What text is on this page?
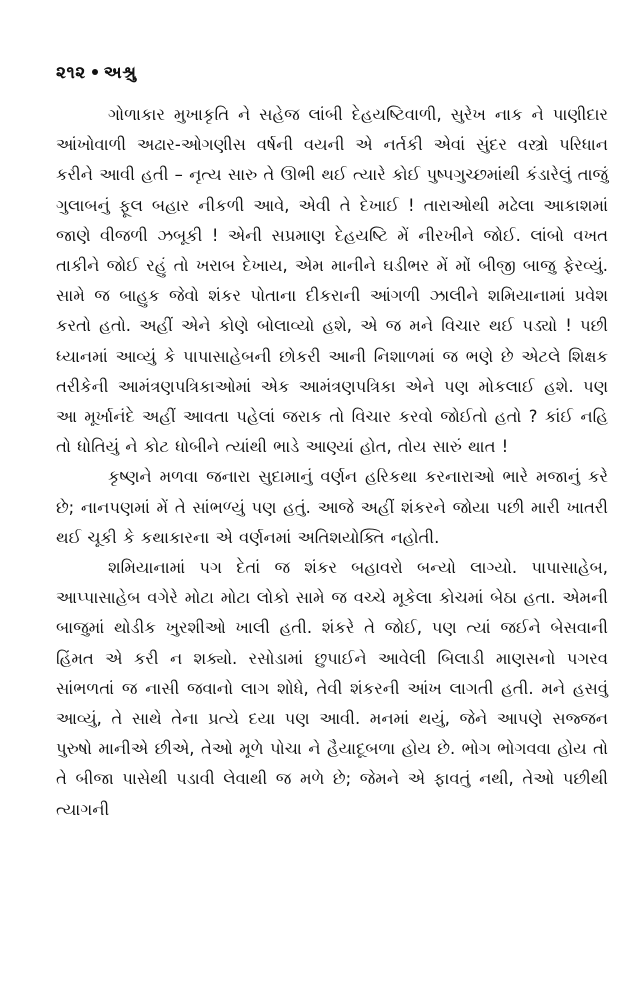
૨૧૨ અશ્રુ

ગોળાકાર મુખાકૃતિ ને સહેજ લાંબી દેહયષ્ટિવાળી, સુરેખ નાક ને પાણીદાર આંખોવાળી અઢાર-ઓગણીસ વર્ષની વયની એ નર્તકી એવાં સુંદર વસ્ત્રો પરિધાન કરીને આવી હતી – નૃત્ય સારુ તે ઊભી થઈ ત્યારે કોઈ પુષ્પગુચ્છમાંથી કંડારેલું તાજું ગુલાબનું ફૂલ બહાર નીકળી આવે, એવી તે દેખાઈ ! તારાઓથી મઢેલા આકાશમાં જાણે વીજળી ઝબૂકી ! એની સપ્રમાણ દેહયષ્ટિ મેં નીરખીને જોઈ. લાંબો વખત તાકીને જોઈ રહું તો ખરાબ દેખાય, એમ માનીને ઘડીભર મેં મોં બીજી બાજુ ફેરવ્યું. સામે જ બાહુક જેવો શંકર પોતાના દીકરાની આંગળી ઝાલીને શમિયાનામાં પ્રવેશ કરતો હતો. અહીં એને કોણે બોલાવ્યો હશે, એ જ મને વિચાર થઈ પડ્યો ! પછી ધ્યાનમાં આવ્યું કે પાપાસાહેબની છોકરી આની નિશાળમાં જ ભણે છે એટલે શિક્ષક તરીકેની આમંત્રણપત્રિકાઓમાં એક આમંત્રણપત્રિકા એને પણ મોકલાઈ હશે. પણ આ મૂર્ખાનંદે અહીં આવતા પહેલાં જરાક તો વિચાર કરવો જોઈતો હતો ? કાંઈ નહિ તો ધોતિયું ને કોટ ધોબીને ત્યાંથી ભાડે આણ્યાં હોત, તોય સારું થાત !

કૃષ્ણને મળવા જનારા સુદામાનું વર્ણન હરિકથા કરનારાઓ ભારે મજાનું કરે છે; નાનપણમાં મેં તે સાંભળ્યું પણ હતું. આજે અહીં શંકરને જોયા પછી મારી ખાતરી થઈ ચૂકી કે કથાકારના એ વર્ણનમાં અતિશયોક્તિ નહોતી.

શમિયાનામાં પગ દેતાં જ શંકર બહાવરો બન્યો લાગ્યો. પાપાસાહેબ, આપ્પાસાહેબ વગેરે મોટા મોટા લોકો સામે જ વચ્ચે મૂકેલા કોચમાં બેઠા હતા. એમની બાજુમાં થોડીક ખુરશીઓ ખાલી હતી. શંકરે તે જોઈ, પણ ત્યાં જઈને બેસવાની હિંમત એ કરી ન શક્યો. રસોડામાં છુપાઈને આવેલી બિલાડી માણસનો પગરવ સાંભળતાં જ નાસી જવાનો લાગ શોધે, તેવી શંકરની આંખ લાગતી હતી. મને હસવું આવ્યું, તે સાથે તેના પ્રત્યે દયા પણ આવી. મનમાં થયું, જેને આપણે સજ્જન પુરુષો માનીએ છીએ, તેઓ મૂળે પોચા ને હૈયાદૂબળા હોય છે. ભોગ ભોગવવા હોય તો તે બીજા પાસેથી પડાવી લેવાથી જ મળે છે; જેમને એ ફાવતું નથી, તેઓ પછીથી ત્યાગની
